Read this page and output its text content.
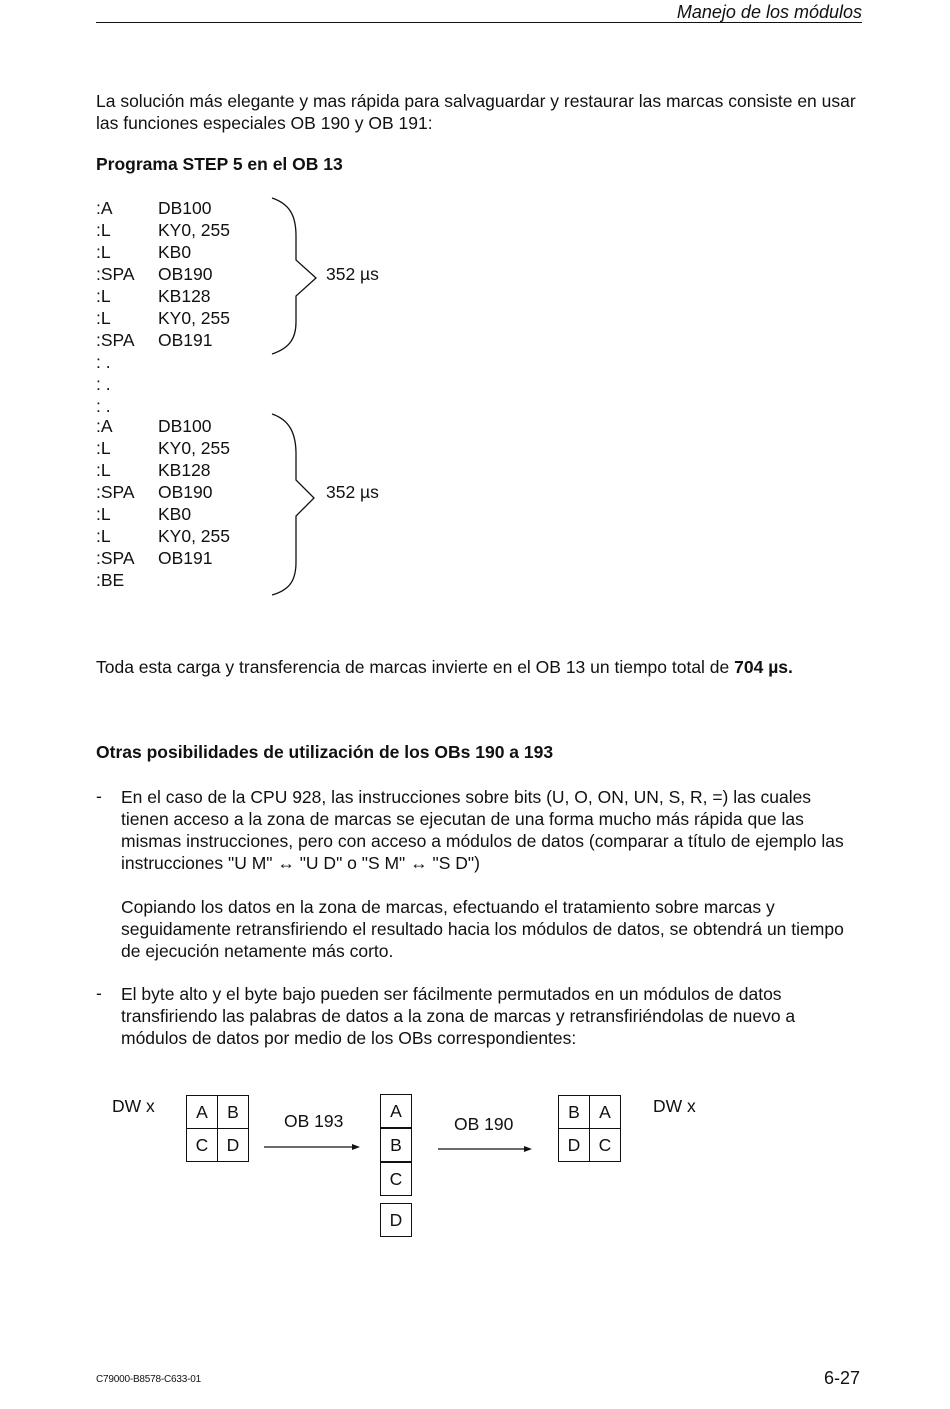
Manejo de los módulos
La solución más elegante y mas rápida para salvaguardar y restaurar las marcas consiste en usar las funciones especiales OB 190 y OB 191:
Programa STEP 5 en el OB 13
:A	DB100
:L	KY0, 255
:L	KB0
:SPA OB190
:L	KB128
:L	KY0, 255
:SPA OB191
352 µs
: .
: .
: .
:A	DB100
:L	KY0, 255
:L	KB128
:SPA OB190
:L	KB0
:L	KY0, 255
:SPA OB191
:BE
352 µs
Toda esta carga y transferencia de marcas invierte en el OB 13 un tiempo total de 704 µs.
Otras posibilidades de utilización de los OBs 190 a 193
- En el caso de la CPU 928, las instrucciones sobre bits (U, O, ON, UN, S, R, =) las cuales tienen acceso a la zona de marcas se ejecutan de una forma mucho más rápida que las mismas instrucciones, pero con acceso a módulos de datos (comparar a título de ejemplo las instrucciones "U M" ↔ "U D" o "S M" ↔ "S D")
Copiando los datos en la zona de marcas, efectuando el tratamiento sobre marcas y seguidamente retransfiriendo el resultado hacia los módulos de datos, se obtendrá un tiempo de ejecución netamente más corto.
- El byte alto y el byte bajo pueden ser fácilmente permutados en un módulos de datos transfiriendo las palabras de datos a la zona de marcas y retransfiriéndolas de nuevo a módulos de datos por medio de los OBs correspondientes:
DW x	A	B
C	D
OB 193	A
B
C
D
OB 190
B	A
D	C
DW x
C79000-B8578-C633-01	6-27
